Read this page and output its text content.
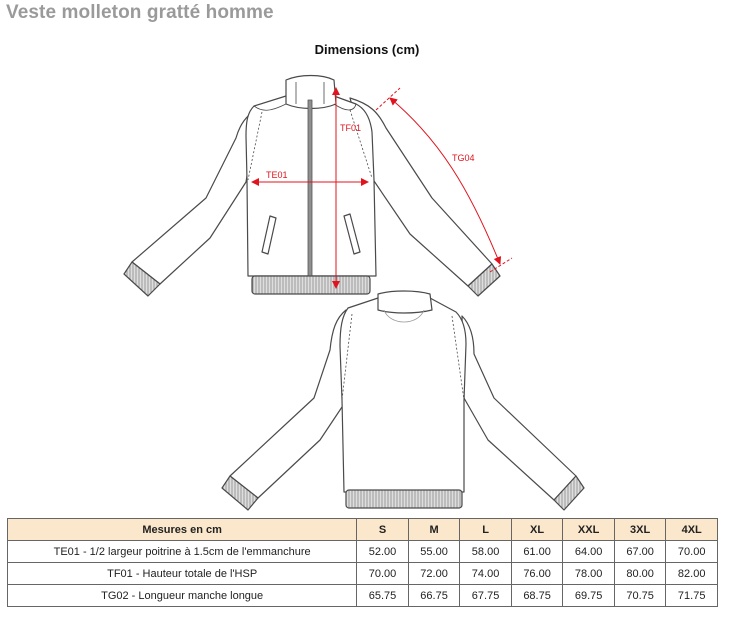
Veste molleton gratté homme
Dimensions (cm)
TE01
TF01
TG04
Mesures en cm	S	M	L	XL	XXL	3XL	4XL
TE01 - 1/2 largeur poitrine à 1.5cm de l'emmanchure	52.00	55.00	58.00	61.00	64.00	67.00	70.00
TF01 - Hauteur totale de l'HSP	70.00	72.00	74.00	76.00	78.00	80.00	82.00
TG02 - Longueur manche longue	65.75	66.75	67.75	68.75	69.75	70.75	71.75
